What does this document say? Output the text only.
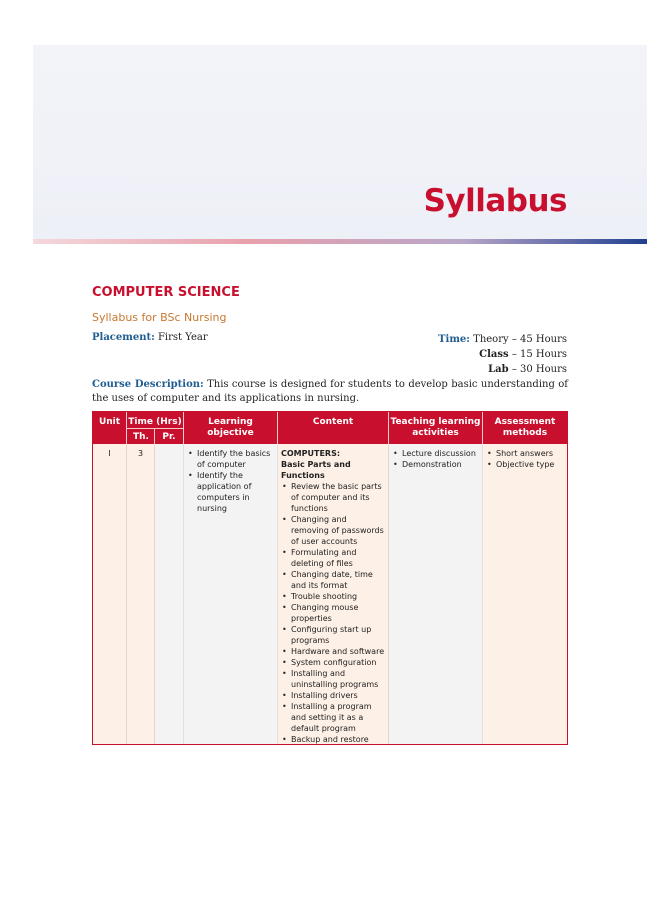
Syllabus
COMPUTER SCIENCE
Syllabus for BSc Nursing
Placement: First Year	Time: Theory – 45 Hours
Class – 15 Hours
Lab – 30 Hours
Course Description: This course is designed for students to develop basic understanding of the uses of computer and its applications in nursing.
Unit Time (Hrs)
Th.	Pr.
Learning objective
Content	Teaching learning
activities
Assessment
methods
I	3
•	Identify the basics of computer
• Identify the application of computers in nursing
COMPUTERS:
Basic Parts and Functions
• Review the basic parts of computer and its functions
• Changing and removing of passwords of user accounts
• Formulating and deleting of files
• Changing date, time and its format
• Trouble shooting
• Changing mouse properties
• Configuring start up programs
• Hardware and software
• System configuration
• Installing and uninstalling programs
• Installing drivers
• Installing a program and setting it as a default program
• Backup and restore
• Lecture discussion
• Demonstration
• Short answers
• Objective type
